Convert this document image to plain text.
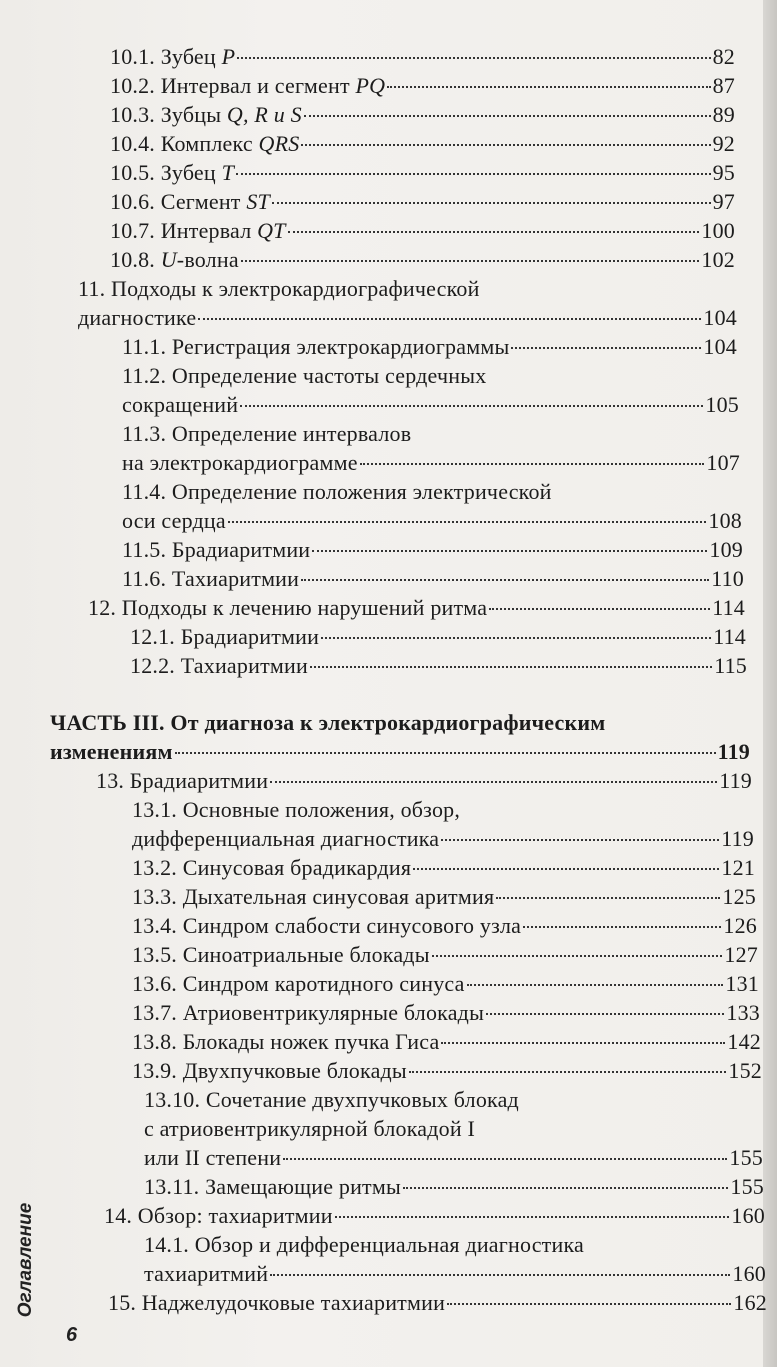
10.1. Зубец P	82
10.2. Интервал и сегмент PQ	87
10.3. Зубцы Q, R и S	89
10.4. Комплекс QRS	92
10.5. Зубец T	95
10.6. Сегмент ST	97
10.7. Интервал QT	100
10.8. U-волна	102
11. Подходы к электрокардиографической
диагностике	104
11.1. Регистрация электрокардиограммы	104
11.2. Определение частоты сердечных
сокращений	105
11.3. Определение интервалов
на электрокардиограмме	107
11.4. Определение положения электрической
оси сердца	108
11.5. Брадиаритмии	109
11.6. Тахиаритмии	110
12. Подходы к лечению нарушений ритма	114
12.1. Брадиаритмии	114
12.2. Тахиаритмии	115
ЧАСТЬ III. От диагноза к электрокардиографическим
изменениям	119
13. Брадиаритмии	119
13.1. Основные положения, обзор,
дифференциальная диагностика	119
13.2. Синусовая брадикардия	121
13.3. Дыхательная синусовая аритмия	125
13.4. Синдром слабости синусового узла	126
13.5. Синоатриальные блокады	127
13.6. Синдром каротидного синуса	131
13.7. Атриовентрикулярные блокады	133
13.8. Блокады ножек пучка Гиса	142
13.9. Двухпучковые блокады	152
13.10. Сочетание двухпучковых блокад
с атриовентрикулярной блокадой I
или II степени	155
13.11. Замещающие ритмы	155
14. Обзор: тахиаритмии	160
14.1. Обзор и дифференциальная диагностика
тахиаритмий	160
15. Наджелудочковые тахиаритмии	162
Оглавление
6
